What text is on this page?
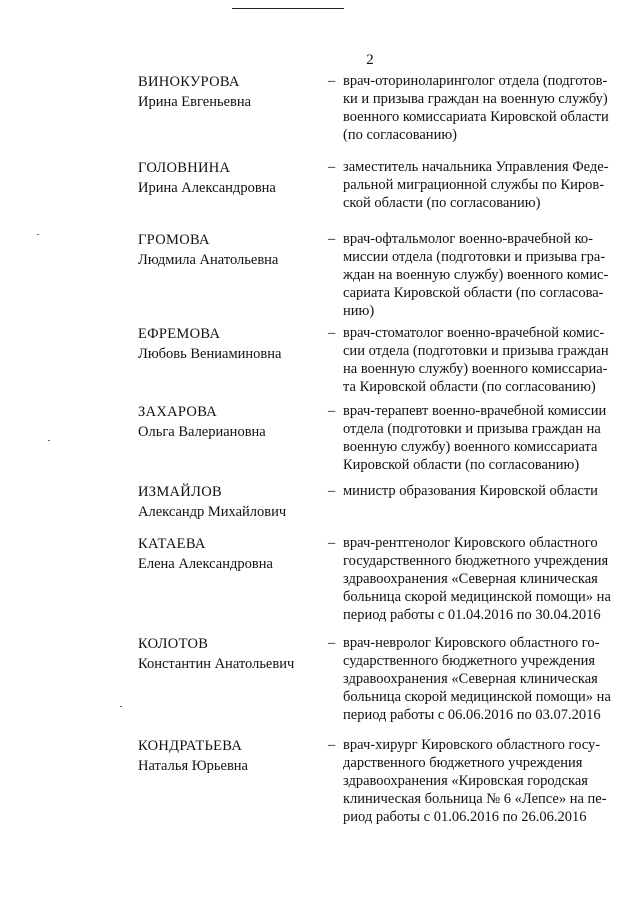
2
ВИНОКУРОВА
Ирина Евгеньевна
– врач-оториноларинголог отдела (подготов-
ки и призыва граждан на военную службу)
военного комиссариата Кировской области
(по согласованию)
ГОЛОВНИНА
Ирина Александровна
– заместитель начальника Управления Феде-
ральной миграционной службы по Киров-
ской области (по согласованию)
ГРОМОВА
Людмила Анатольевна
– врач-офтальмолог военно-врачебной ко-
миссии отдела (подготовки и призыва гра-
ждан на военную службу) военного комис-
сариата Кировской области (по согласова-
нию)
ЕФРЕМОВА
Любовь Вениаминовна
– врач-стоматолог военно-врачебной комис-
сии отдела (подготовки и призыва граждан
на военную службу) военного комиссариа-
та Кировской области (по согласованию)
ЗАХАРОВА
Ольга Валериановна
– врач-терапевт военно-врачебной комиссии
отдела (подготовки и призыва граждан на
военную службу) военного комиссариата
Кировской области (по согласованию)
ИЗМАЙЛОВ
Александр Михайлович
– министр образования Кировской области
КАТАЕВА
Елена Александровна
– врач-рентгенолог Кировского областного
государственного бюджетного учреждения
здравоохранения «Северная клиническая
больница скорой медицинской помощи» на
период работы с 01.04.2016 по 30.04.2016
КОЛОТОВ
Константин Анатольевич
– врач-невролог Кировского областного го-
сударственного бюджетного учреждения
здравоохранения «Северная клиническая
больница скорой медицинской помощи» на
период работы с 06.06.2016 по 03.07.2016
КОНДРАТЬЕВА
Наталья Юрьевна
– врач-хирург Кировского областного госу-
дарственного бюджетного учреждения
здравоохранения «Кировская городская
клиническая больница № 6 «Лепсе» на пе-
риод работы с 01.06.2016 по 26.06.2016
